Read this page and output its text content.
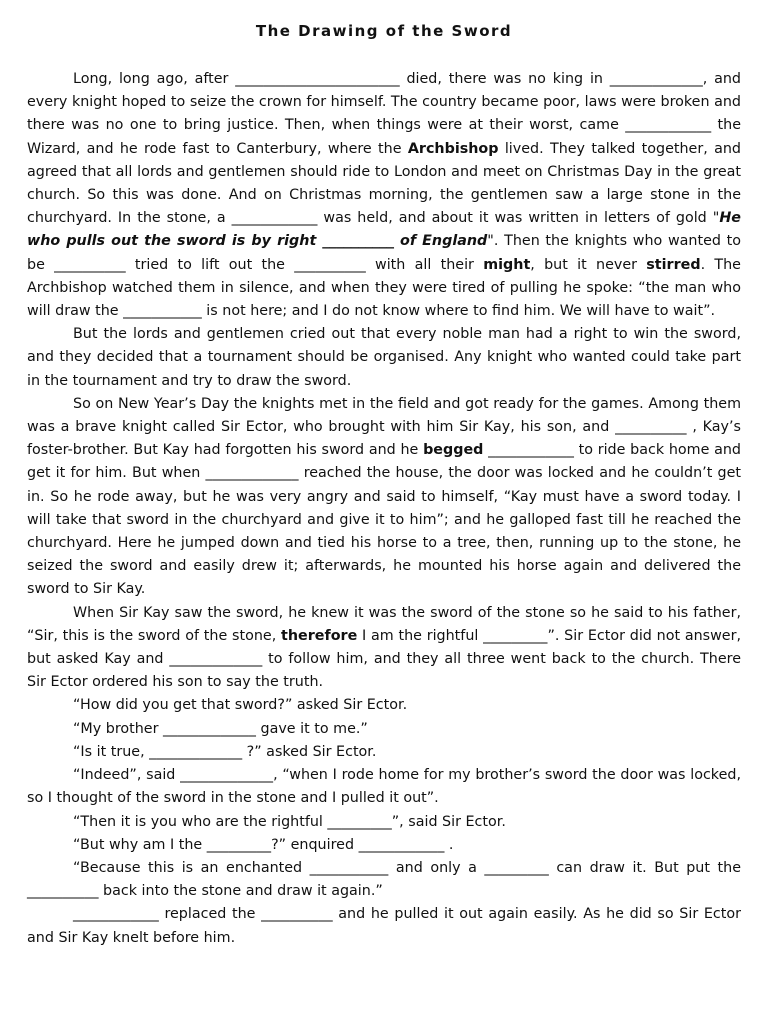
The Drawing of the Sword

Long, long ago, after _______________________ died, there was no king in _____________, and every knight hoped to seize the crown for himself. The country became poor, laws were broken and there was no one to bring justice. Then, when things were at their worst, came ____________ the Wizard, and he rode fast to Canterbury, where the Archbishop lived. They talked together, and agreed that all lords and gentlemen should ride to London and meet on Christmas Day in the great church. So this was done. And on Christmas morning, the gentlemen saw a large stone in the churchyard. In the stone, a ____________ was held, and about it was written in letters of gold "He who pulls out the sword is by right __________ of England". Then the knights who wanted to be __________ tried to lift out the __________ with all their might, but it never stirred. The Archbishop watched them in silence, and when they were tired of pulling he spoke: “the man who will draw the ___________ is not here; and I do not know where to find him. We will have to wait”.

But the lords and gentlemen cried out that every noble man had a right to win the sword, and they decided that a tournament should be organised. Any knight who wanted could take part in the tournament and try to draw the sword.

So on New Year’s Day the knights met in the field and got ready for the games. Among them was a brave knight called Sir Ector, who brought with him Sir Kay, his son, and __________ , Kay’s foster-brother. But Kay had forgotten his sword and he begged ____________ to ride back home and get it for him. But when _____________ reached the house, the door was locked and he couldn’t get in. So he rode away, but he was very angry and said to himself, “Kay must have a sword today. I will take that sword in the churchyard and give it to him”; and he galloped fast till he reached the churchyard. Here he jumped down and tied his horse to a tree, then, running up to the stone, he seized the sword and easily drew it; afterwards, he mounted his horse again and delivered the sword to Sir Kay.

When Sir Kay saw the sword, he knew it was the sword of the stone so he said to his father, “Sir, this is the sword of the stone, therefore I am the rightful _________”. Sir Ector did not answer, but asked Kay and _____________ to follow him, and they all three went back to the church. There Sir Ector ordered his son to say the truth.

“How did you get that sword?” asked Sir Ector.

“My brother _____________ gave it to me.”

“Is it true, _____________ ?” asked Sir Ector.

“Indeed”, said _____________, “when I rode home for my brother’s sword the door was locked, so I thought of the sword in the stone and I pulled it out”.

“Then it is you who are the rightful _________”, said Sir Ector.

“But why am I the _________?” enquired ____________ .

“Because this is an enchanted ___________ and only a _________ can draw it. But put the __________ back into the stone and draw it again.”

____________ replaced the __________ and he pulled it out again easily. As he did so Sir Ector and Sir Kay knelt before him.
